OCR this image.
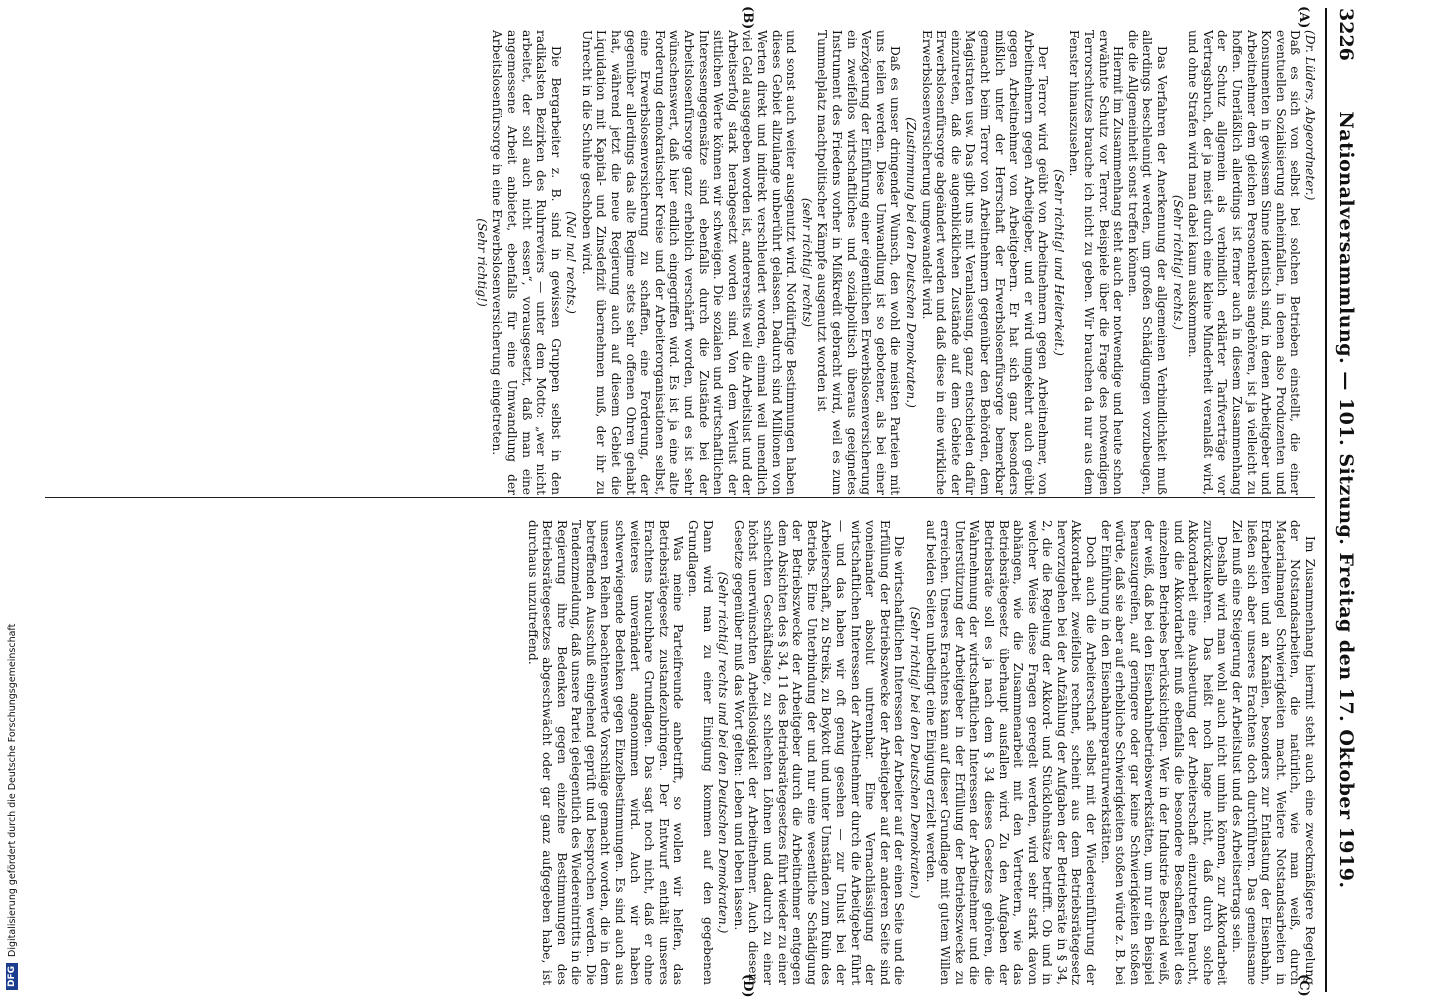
3226
Nationalversammlung. — 101. Sitzung. Freitag den 17. Oktober 1919.
(A)
(B)
(C)
(D)

(Dr. Lüders, Abgeordneter.)

Daß es sich von selbst bei solchen Betrieben einstellt, die einer eventuellen Sozialisierung anheimfallen, in denen also Produzenten und Konsumenten in gewissem Sinne identisch sind, in denen Arbeitgeber und Arbeitnehmer dem gleichen Personenkreis angehören, ist ja vielleicht zu hoffen. Unerläßlich allerdings ist ferner auch in diesem Zusammenhang der Schutz allgemein als verbindlich erklärter Tarifverträge vor Vertragsbruch, der ja meist durch eine kleine Minderheit veranlaßt wird, und ohne Strafen wird man dabei kaum auskommen.

(Sehr richtig! rechts.)

Das Verfahren der Anerkennung der allgemeinen Verbindlichkeit muß allerdings beschleunigt werden, um großen Schädigungen vorzubeugen, die die Allgemeinheit sonst treffen können.

Hiermit im Zusammenhang steht auch der notwendige und heute schon erwähnte Schutz vor Terror. Beispiele über die Frage des notwendigen Terrorschutzes brauche ich nicht zu geben. Wir brauchen da nur aus dem Fenster hinauszusehen.

(Sehr richtig! und Heiterkeit.)

Der Terror wird geübt von Arbeitnehmern gegen Arbeitnehmer, von Arbeitnehmern gegen Arbeitgeber, und er wird umgekehrt auch geübt gegen Arbeitnehmer von Arbeitgebern. Er hat sich ganz besonders mißlich unter der Herrschaft der Erwerbslosenfürsorge bemerkbar gemacht beim Terror von Arbeitnehmern gegenüber den Behörden, dem Magistraten usw. Das gibt uns mit Veranlassung, ganz entschieden dafür einzutreten, daß die augenblicklichen Zustände auf dem Gebiete der Erwerbslosenfürsorge abgeändert werden und daß diese in eine wirkliche Erwerbslosenversicherung umgewandelt wird.

(Zustimmung bei den Deutschen Demokraten.)

Daß es unser dringender Wunsch, den wohl die meisten Parteien mit uns teilen werden. Diese Umwandlung ist so gebotener, als bei einer Verzögerung der Einführung einer eigentlichen Erwerbslosenversicherung ein zweifellos wirtschaftliches und sozialpolitisch überaus geeignetes Instrument des Friedens vorher in Mißkredit gebracht wird, weil es zum Tummelplatz machtpolitischer Kämpfe ausgenutzt worden ist

(sehr richtig! rechts)

und sonst auch weiter ausgenutzt wird. Notdürftige Bestimmungen haben dieses Gebiet allzulange unberührt gelassen. Dadurch sind Millionen von Werten direkt und indirekt verschleudert worden, einmal weil unendlich viel Geld ausgegeben worden ist, andererseits weil die Arbeitslust und der Arbeitserfolg stark herabgesetzt worden sind. Von dem Verlust der sittlichen Werte können wir schweigen. Die sozialen und wirtschaftlichen Interessengegensätze sind ebenfalls durch die Zustände bei der Arbeitslosenfürsorge ganz erheblich verschärft worden, und es ist sehr wünschenswert, daß hier endlich eingegriffen wird. Es ist ja eine alte Forderung demokratischer Kreise und der Arbeiterorganisationen selbst, eine Erwerbslosenversicherung zu schaffen, eine Forderung, der gegenüber allerdings das alte Regime stets sehr offenen Ohren gehabt hat, während jetzt die neue Regierung auch auf diesem Gebiet die Liquidation mit Kapital- und Zinsdefizit übernehmen muß, der ihr zu Unrecht in die Schuhe geschoben wird.

(Na! na! rechts.)

Die Bergarbeiter z. B. sind in gewissen Gruppen selbst in den radikalsten Bezirken des Ruhrreviers — unter dem Motto: „wer nicht arbeitet, der soll auch nicht essen“, vorausgesetzt, daß man eine angemessene Arbeit anbietet, ebenfalls für eine Umwandlung der Arbeitslosenfürsorge in eine Erwerbslosenversicherung eingetreten.

(Sehr richtig!)

Im Zusammenhang hiermit steht auch eine zweckmäßigere Regelung der Notstandsarbeiten, die natürlich, wie man weiß, durch Materialmangel Schwierigkeiten macht. Weitere Notstandsarbeiten in Erdarbeiten und an Kanälen, besonders zur Entlastung der Eisenbahn, ließen sich aber unseres Erachtens doch durchführen. Das gemeinsame Ziel muß eine Steigerung der Arbeitslust und des Arbeitsertrags sein.

Deshalb wird man wohl auch nicht umhin können, zur Akkordarbeit zurückzukehren. Das heißt noch lange nicht, daß durch solche Akkordarbeit eine Ausbeutung der Arbeiterschaft einzutreten braucht, und die Akkordarbeit muß ebenfalls die besondere Beschaffenheit des einzelnen Betriebes berücksichtigen. Wer in der Industrie Bescheid weiß, der weiß, daß bei den Eisenbahnbetriebswerkstätten, um nur ein Beispiel herauszugreifen, auf geringere oder gar keine Schwierigkeiten stoßen würde, daß sie aber auf erhebliche Schwierigkeiten stoßen würde z. B. bei der Einführung in den Eisenbahnreparaturwerkstätten.

Doch auch die Arbeiterschaft selbst mit der Wiedereinführung der Akkordarbeit zweifellos rechnet, scheint aus dem Betriebsrätegesetz hervorzugehen bei der Aufzählung der Aufgaben der Betriebsräte in § 34, 2, die die Regelung der Akkord- und Stücklohnsätze betrifft. Ob und in welcher Weise diese Fragen geregelt werden, wird sehr stark davon abhängen, wie die Zusammenarbeit mit den Vertretern, wie das Betriebsrätegesetz überhaupt ausfallen wird. Zu den Aufgaben der Betriebsräte soll es ja nach dem § 34 dieses Gesetzes gehören, die Wahrnehmung der wirtschaftlichen Interessen der Arbeitnehmer und die Unterstützung der Arbeitgeber in der Erfüllung der Betriebszwecke zu erreichen. Unseres Erachtens kann auf dieser Grundlage mit gutem Willen auf beiden Seiten unbedingt eine Einigung erzielt werden.

(Sehr richtig! bei den Deutschen Demokraten.)

Die wirtschaftlichen Interessen der Arbeiter auf der einen Seite und die Erfüllung der Betriebszwecke der Arbeitgeber auf der anderen Seite sind voneinander absolut untrennbar. Eine Vernachlässigung der wirtschaftlichen Interessen der Arbeitnehmer durch die Arbeitgeber führt — und das haben wir oft genug gesehen — zur Unlust bei der Arbeiterschaft, zu Streiks, zu Boykott und unter Umständen zum Ruin des Betriebs. Eine Unterbindung der und nur eine wesentliche Schädigung der Betriebszwecke der Arbeitgeber durch die Arbeitnehmer entgegen dem Absichten des § 34, 11 des Betriebsrätegesetzes führt wieder zu einer schlechten Geschäftslage, zu schlechten Löhnen und dadurch zu einer höchst unerwünschten Arbeitslosigkeit der Arbeitnehmer. Auch diesem Gesetze gegenüber muß das Wort gelten: Leben und leben lassen.

(Sehr richtig! rechts und bei den Deutschen Demokraten.)

Dann wird man zu einer Einigung kommen auf den gegebenen Grundlagen.

Was meine Parteifreunde anbetrifft, so wollen wir helfen, das Betriebsrätegesetz zustandezubringen. Der Entwurf enthält unseres Erachtens brauchbare Grundlagen. Das sagt noch nicht, daß er ohne weiteres unverändert angenommen wird. Auch wir haben schwerwiegende Bedenken gegen Einzelbestimmungen. Es sind auch aus unseren Reihen beachtenswerte Vorschläge gemacht worden, die in dem betreffenden Ausschuß eingehend geprüft und besprochen werden. Die Tendenzmeldung, daß unsere Partei gelegentlich des Wiedereintritts in die Regierung ihre Bedenken gegen einzelne Bestimmungen des Betriebsrätegesetzes abgeschwächt oder gar ganz aufgegeben habe, ist durchaus unzutreffend.

DFG
Digitalisierung gefördert durch die Deutsche Forschungsgemeinschaft
